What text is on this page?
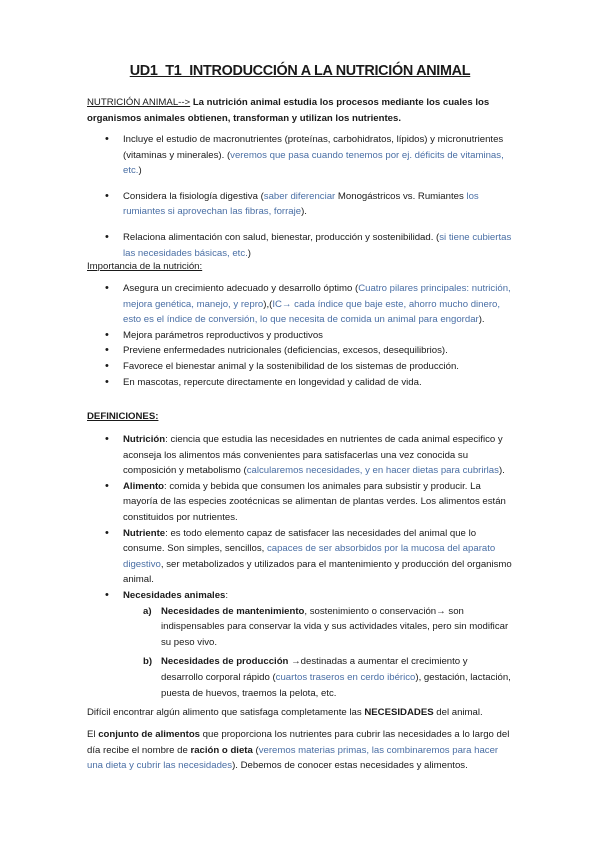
UD1_T1_INTRODUCCIÓN A LA NUTRICIÓN ANIMAL
NUTRICIÓN ANIMAL--> La nutrición animal estudia los procesos mediante los cuales los organismos animales obtienen, transforman y utilizan los nutrientes.
• Incluye el estudio de macronutrientes (proteínas, carbohidratos, lípidos) y micronutrientes (vitaminas y minerales). (veremos que pasa cuando tenemos por ej. déficits de vitaminas, etc.)
• Considera la fisiología digestiva (saber diferenciar Monogástricos vs. Rumiantes los rumiantes si aprovechan las fibras, forraje).
• Relaciona alimentación con salud, bienestar, producción y sostenibilidad. (si tiene cubiertas las necesidades básicas, etc.)
Importancia de la nutrición:
• Asegura un crecimiento adecuado y desarrollo óptimo (Cuatro pilares principales: nutrición, mejora genética, manejo, y repro),(IC→ cada índice que baje este, ahorro mucho dinero, esto es el índice de conversión, lo que necesita de comida un animal para engordar).
• Mejora parámetros reproductivos y productivos
• Previene enfermedades nutricionales (deficiencias, excesos, desequilibrios).
• Favorece el bienestar animal y la sostenibilidad de los sistemas de producción.
• En mascotas, repercute directamente en longevidad y calidad de vida.
DEFINICIONES:
• Nutrición: ciencia que estudia las necesidades en nutrientes de cada animal especifico y aconseja los alimentos más convenientes para satisfacerlas una vez conocida su composición y metabolismo (calcularemos necesidades, y en hacer dietas para cubrirlas).
• Alimento: comida y bebida que consumen los animales para subsistir y producir. La mayoría de las especies zootécnicas se alimentan de plantas verdes. Los alimentos están constituidos por nutrientes.
• Nutriente: es todo elemento capaz de satisfacer las necesidades del animal que lo consume. Son simples, sencillos, capaces de ser absorbidos por la mucosa del aparato digestivo, ser metabolizados y utilizados para el mantenimiento y producción del organismo animal.
• Necesidades animales:
a) Necesidades de mantenimiento, sostenimiento o conservación→ son indispensables para conservar la vida y sus actividades vitales, pero sin modificar su peso vivo.
b) Necesidades de producción →destinadas a aumentar el crecimiento y desarrollo corporal rápido (cuartos traseros en cerdo ibérico), gestación, lactación, puesta de huevos, traemos la pelota, etc.
Difícil encontrar algún alimento que satisfaga completamente las NECESIDADES del animal.
El conjunto de alimentos que proporciona los nutrientes para cubrir las necesidades a lo largo del día recibe el nombre de ración o dieta (veremos materias primas, las combinaremos para hacer una dieta y cubrir las necesidades). Debemos de conocer estas necesidades y alimentos.
